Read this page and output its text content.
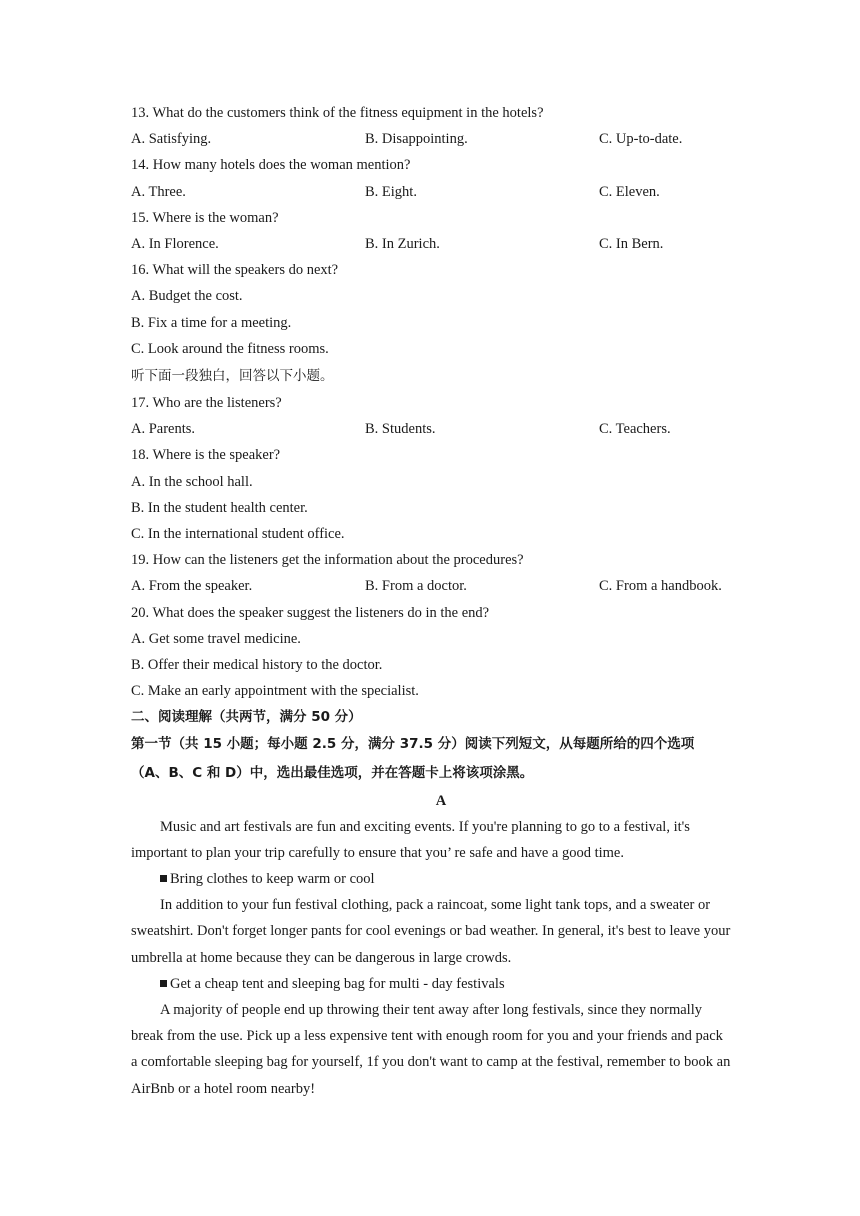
13. What do the customers think of the fitness equipment in the hotels?
A. Satisfying.	B. Disappointing.	C. Up-to-date.
14. How many hotels does the woman mention?
A. Three.	B. Eight.	C. Eleven.
15. Where is the woman?
A. In Florence.	B. In Zurich.	C. In Bern.
16. What will the speakers do next?
A. Budget the cost.
B. Fix a time for a meeting.
C. Look around the fitness rooms.
听下面一段独白，回答以下小题。
17. Who are the listeners?
A. Parents.	B. Students.	C. Teachers.
18. Where is the speaker?
A. In the school hall.
B. In the student health center.
C. In the international student office.
19. How can the listeners get the information about the procedures?
A. From the speaker.	B. From a doctor.	C. From a handbook.
20. What does the speaker suggest the listeners do in the end?
A. Get some travel medicine.
B. Offer their medical history to the doctor.
C. Make an early appointment with the specialist.
二、阅读理解（共两节，满分 50 分）
第一节（共 15 小题；每小题 2.5 分，满分 37.5 分）阅读下列短文，从每题所给的四个选项
（A、B、C 和 D）中，选出最佳选项，并在答题卡上将该项涂黑。
A
Music and art festivals are fun and exciting events. If you're planning to go to a festival, it's important to plan your trip carefully to ensure that you’ re safe and have a good time.
Bring clothes to keep warm or cool
In addition to your fun festival clothing, pack a raincoat, some light tank tops, and a sweater or sweatshirt. Don't forget longer pants for cool evenings or bad weather. In general, it's best to leave your umbrella at home because they can be dangerous in large crowds.
Get a cheap tent and sleeping bag for multi - day festivals
A majority of people end up throwing their tent away after long festivals, since they normally break from the use. Pick up a less expensive tent with enough room for you and your friends and pack a comfortable sleeping bag for yourself, 1f you don't want to camp at the festival, remember to book an AirBnb or a hotel room nearby!
